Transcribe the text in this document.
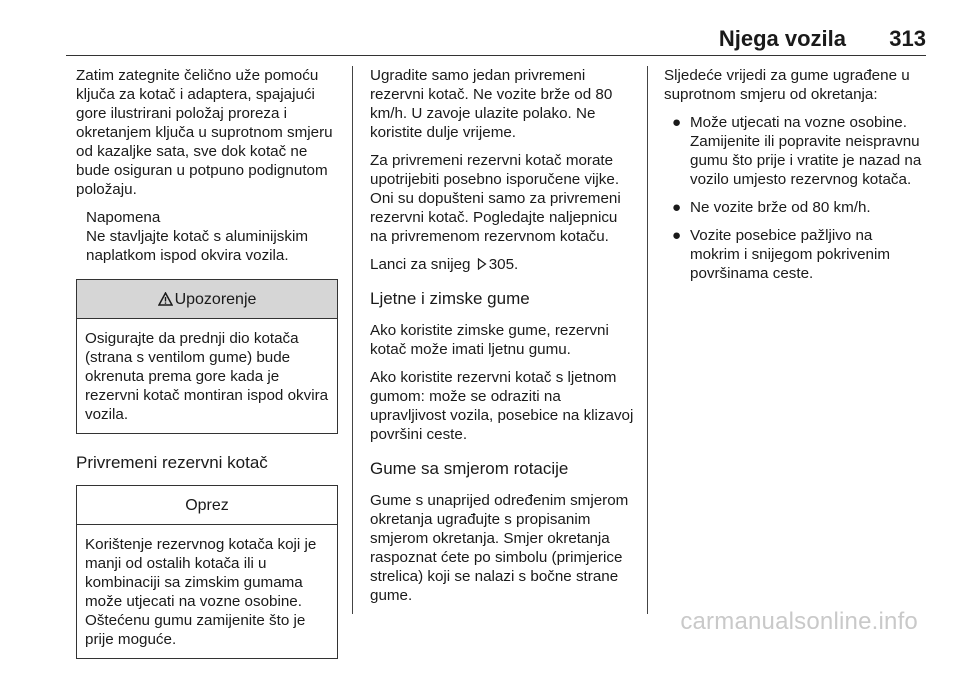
Njega vozila 313

Zatim zategnite čelično uže pomoću ključa za kotač i adaptera, spajajući gore ilustrirani položaj proreza i okretanjem ključa u suprotnom smjeru od kazaljke sata, sve dok kotač ne bude osiguran u potpuno podignutom položaju.

Napomena
Ne stavljajte kotač s aluminijskim naplatkom ispod okvira vozila.
Upozorenje
Osigurajte da prednji dio kotača (strana s ventilom gume) bude okrenuta prema gore kada je rezervni kotač montiran ispod okvira vozila.
Privremeni rezervni kotač
Oprez
Korištenje rezervnog kotača koji je manji od ostalih kotača ili u kombinaciji sa zimskim gumama može utjecati na vozne osobine. Oštećenu gumu zamijenite što je prije moguće.

Ugradite samo jedan privremeni rezervni kotač. Ne vozite brže od 80 km/h. U zavoje ulazite polako. Ne koristite dulje vrijeme.

Za privremeni rezervni kotač morate upotrijebiti posebno isporučene vijke. Oni su dopušteni samo za privremeni rezervni kotač. Pogledajte naljepnicu na privremenom rezervnom kotaču.

Lanci za snijeg 305.

Ljetne i zimske gume

Ako koristite zimske gume, rezervni kotač može imati ljetnu gumu.

Ako koristite rezervni kotač s ljetnom gumom: može se odraziti na upravljivost vozila, posebice na klizavoj površini ceste.

Gume sa smjerom rotacije

Gume s unaprijed određenim smjerom okretanja ugrađujte s propisanim smjerom okretanja. Smjer okretanja raspoznat ćete po simbolu (primjerice strelica) koji se nalazi s bočne strane gume.

Sljedeće vrijedi za gume ugrađene u suprotnom smjeru od okretanja:

● Može utjecati na vozne osobine. Zamijenite ili popravite neispravnu gumu što prije i vratite je nazad na vozilo umjesto rezervnog kotača.
● Ne vozite brže od 80 km/h.
● Vozite posebice pažljivo na mokrim i snijegom pokrivenim površinama ceste.
carmanualsonline.info
